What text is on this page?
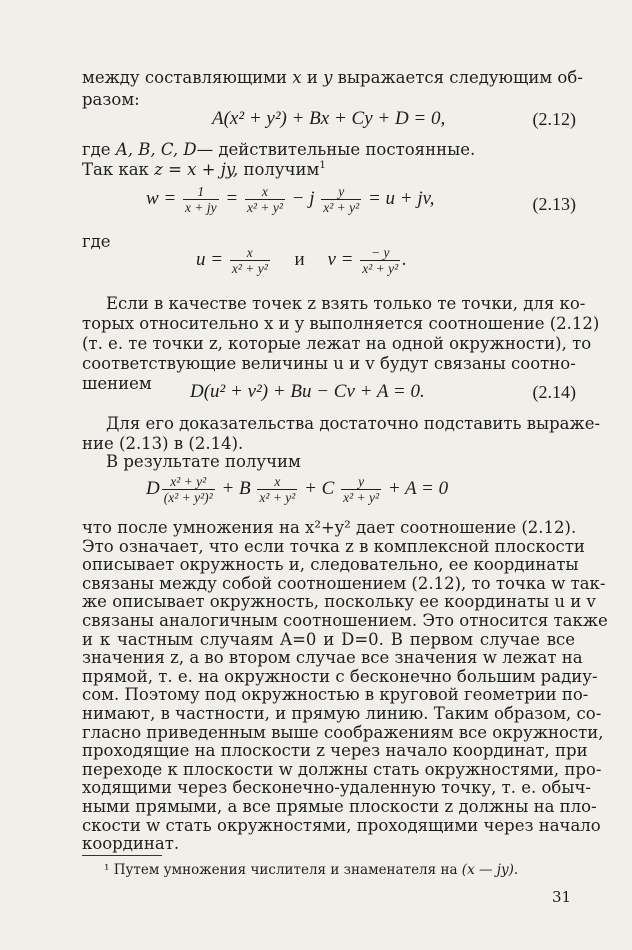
между составляющими x и y выражается следующим об-
разом:
A(x² + y²) + Bx + Cy + D = 0,	(2.12)
где A, B, C, D— действительные постоянные.
Так как z = x + jy, получим$^1$
$w = \frac{1}{x + jy} = \frac{x}{\text{x² + y²}} - j \frac{y}{\text{x² + y²}} = u$ + jv,	(2.13)
где
$u = \frac{x}{\text{x² + y²}}$ и $v = \frac{- y}{\text{x² + y²}}$ .
Если в качестве точек z взять только те точки, для ко-
торых относительно x и y выполняется соотношение (2.12)
(т. е. те точки z, которые лежат на одной окружности), то
соответствующие величины u и v будут связаны соотно-
шением	D(u² + v²) + Bu − Cv + A = 0.	(2.14)
Для его доказательства достаточно подставить выраже-
ние (2.13) в (2.14).
В результате получим
D $\frac{\text{x² + y²}}{\text{(x² + y²)²}} + B \frac{x}{\text{x² + y²}} + C \frac{y}{\text{x² + y²}} + A = 0$
что после умножения на x²+y² дает соотношение (2.12).
Это означает, что если точка z в комплексной плоскости
описывает окружность и, следовательно, ее координаты
связаны между собой соотношением (2.12), то точка w так-
же описывает окружность, поскольку ее координаты u и v
связаны аналогичным соотношением. Это относится также
и к частным случаям A=0 и D=0. В первом случае все
значения z, а во втором случае все значения w лежат на
прямой, т. е. на окружности с бесконечно большим радиу-
сом. Поэтому под окружностью в круговой геометрии по-
нимают, в частности, и прямую линию. Таким образом, со-
гласно приведенным выше соображениям все окружности,
проходящие на плоскости z через начало координат, при
переходе к плоскости w должны стать окружностями, про-
ходящими через бесконечно-удаленную точку, т. е. обыч-
ными прямыми, а все прямые плоскости z должны на пло-
скости w стать окружностями, проходящими через начало
координат.
¹ Путем умножения числителя и знаменателя на (x — jy).
31
